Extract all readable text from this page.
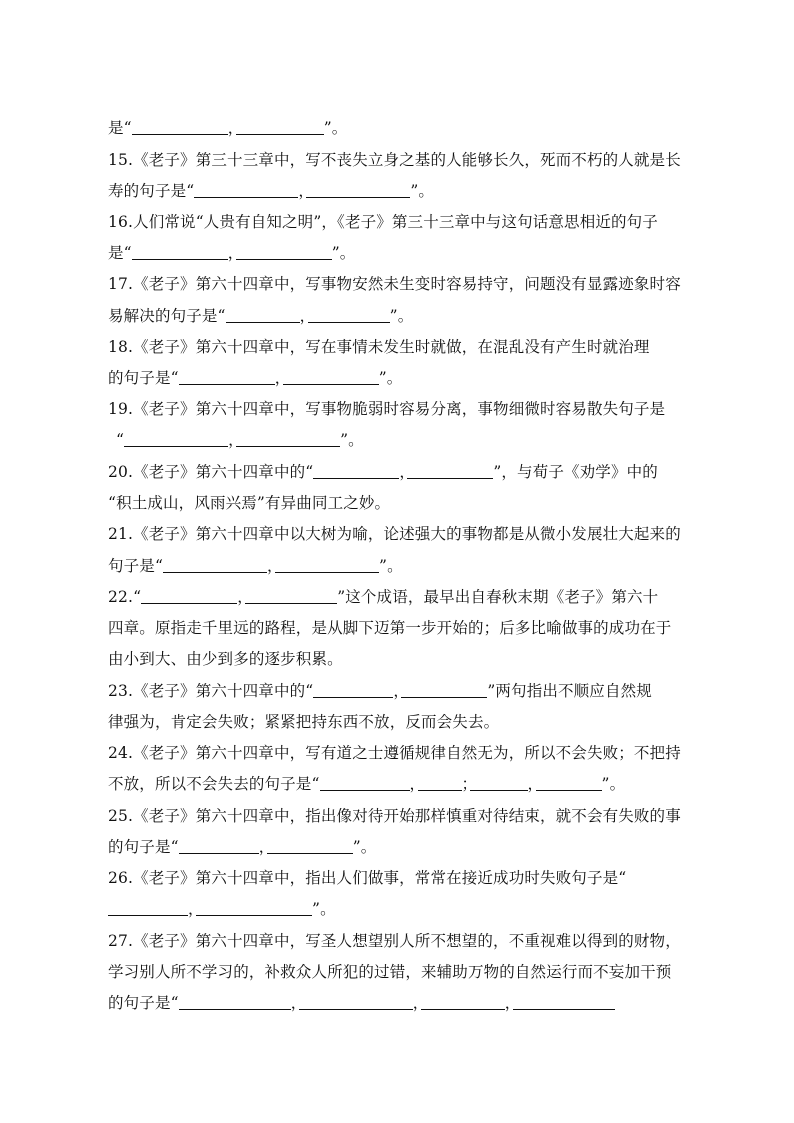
是“	，	”。
15.《老子》第三十三章中，写不丧失立身之基的人能够长久，死而不朽的人就是长
寿的句子是“	，	”。
16.人们常说“人贵有自知之明”，《老子》第三十三章中与这句话意思相近的句子
是“	，	”。
17.《老子》第六十四章中，写事物安然未生变时容易持守，问题没有显露迹象时容
易解决的句子是“	，	”。
18.《老子》第六十四章中，写在事情未发生时就做，在混乱没有产生时就治理
的句子是“	，	”。
19.《老子》第六十四章中，写事物脆弱时容易分离，事物细微时容易散失句子是
“	，	”。
20.《老子》第六十四章中的“	，	”，与荀子《劝学》中的
“积土成山，风雨兴焉”有异曲同工之妙。
21.《老子》第六十四章中以大树为喻，论述强大的事物都是从微小发展壮大起来的
句子是“	，	”。
22.“	，	”这个成语，最早出自春秋末期《老子》第六十
四章。原指走千里远的路程，是从脚下迈第一步开始的；后多比喻做事的成功在于
由小到大、由少到多的逐步积累。
23.《老子》第六十四章中的“	，	”两句指出不顺应自然规
律强为，肯定会失败；紧紧把持东西不放，反而会失去。
24.《老子》第六十四章中，写有道之士遵循规律自然无为，所以不会失败；不把持
不放，所以不会失去的句子是“	， ；	，	”。
25.《老子》第六十四章中，指出像对待开始那样慎重对待结束，就不会有失败的事
的句子是“	，	”。
26.《老子》第六十四章中，指出人们做事，常常在接近成功时失败句子是“
，	”。
27.《老子》第六十四章中，写圣人想望别人所不想望的，不重视难以得到的财物，
学习别人所不学习的，补救众人所犯的过错，来辅助万物的自然运行而不妄加干预
的句子是“	，	，	，
